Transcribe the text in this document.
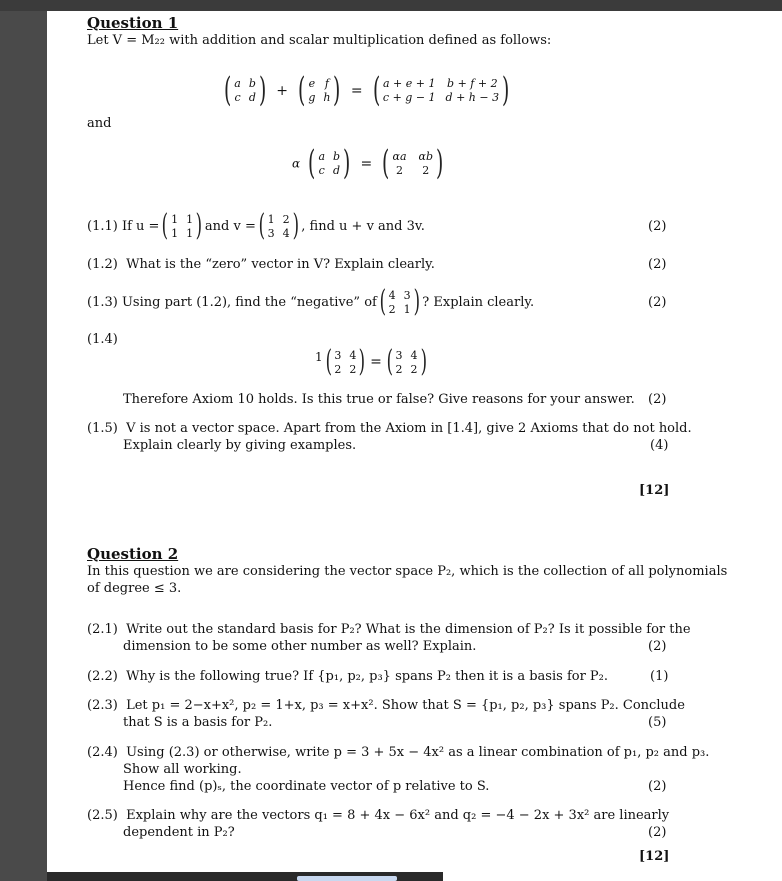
Question 1
Let V = M₂₂ with addition and scalar multiplication defined as follows:
( a b
c d ) + ( e f
g h ) = ( a + e + 1 b + f + 2
c + g − 1 d + h − 3 )
and
α ( a b
c d ) = ( αa αb
2	2 )
(1.1)
If u = ( 1 1
1 1 ) and v = ( 1 2
3 4 ) , find u + v and 3v.	(2)
(1.2) What is the “zero” vector in V? Explain clearly.	(2)
(1.3)
Using part (1.2), find the “negative” of ( 4 3
2 1 ) ? Explain clearly.	(2)
(1.4)
1 ( 3 4
2 2 ) = ( 3 4
2 2 )
Therefore Axiom 10 holds. Is this true or false? Give reasons for your answer. (2)
(1.5) V is not a vector space. Apart from the Axiom in [1.4], give 2 Axioms that do not hold.
Explain clearly by giving examples.	(4)
[12]
Question 2
In this question we are considering the vector space P₂, which is the collection of all polynomials
of degree ≤ 3.
(2.1) Write out the standard basis for P₂? What is the dimension of P₂? Is it possible for the
dimension to be some other number as well? Explain.	(2)
(2.2) Why is the following true? If {p₁, p₂, p₃} spans P₂ then it is a basis for P₂.	(1)
(2.3) Let p₁ = 2−x+x², p₂ = 1+x, p₃ = x+x². Show that S = {p₁, p₂, p₃} spans P₂. Conclude
that S is a basis for P₂.	(5)
(2.4) Using (2.3) or otherwise, write p = 3 + 5x − 4x² as a linear combination of p₁, p₂ and p₃.
Show all working.
Hence find (p)ₛ, the coordinate vector of p relative to S.	(2)
(2.5) Explain why are the vectors q₁ = 8 + 4x − 6x² and q₂ = −4 − 2x + 3x² are linearly
dependent in P₂?	(2)
[12]
